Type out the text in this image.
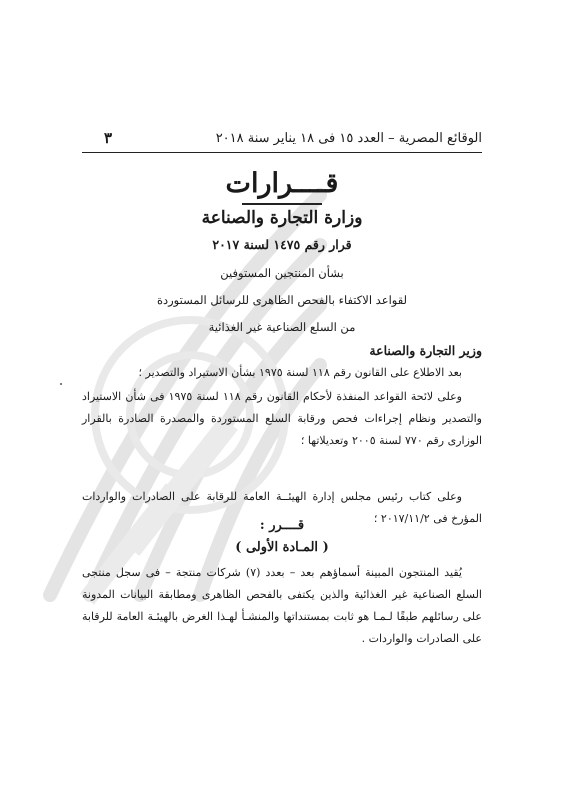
الوقائع المصرية – العدد ١٥ فى ١٨ يناير سنة ٢٠١٨
٣
قــــرارات
وزارة التجارة والصناعة
قرار رقم ١٤٧٥ لسنة ٢٠١٧
بشأن المنتجين المستوفين
لقواعد الاكتفاء بالفحص الظاهرى للرسائل المستوردة
من السلع الصناعية غير الغذائية
وزير التجارة والصناعة
بعد الاطلاع على القانون رقم ١١٨ لسنة ١٩٧٥ بشأن الاستيراد والتصدير ؛
وعلى لائحة القواعد المنفذة لأحكام القانون رقم ١١٨ لسنة ١٩٧٥ فى شأن الاستيراد والتصدير ونظام إجراءات فحص ورقابة السلع المستوردة والمصدرة الصادرة بالقرار الوزارى رقم ٧٧٠ لسنة ٢٠٠٥ وتعديلاتها ؛
وعلى كتاب رئيس مجلس إدارة الهيئــة العامة للرقابة على الصادرات والواردات المؤرخ فى ٢٠١٧/١١/٢ ؛
قــــرر :
( المـادة الأولى )
يُقيد المنتجون المبينة أسماؤهم بعد – بعدد (٧) شركات منتجة – فى سجل منتجى السلع الصناعية غير الغذائية والذين يكتفى بالفحص الظاهرى ومطابقة البيانات المدونة على رسائلهم طبقًا لـمـا هو ثابت بمستنداتها والمنشـأ لهـذا الغرض بالهيئـة العامة للرقابة على الصادرات والواردات .
